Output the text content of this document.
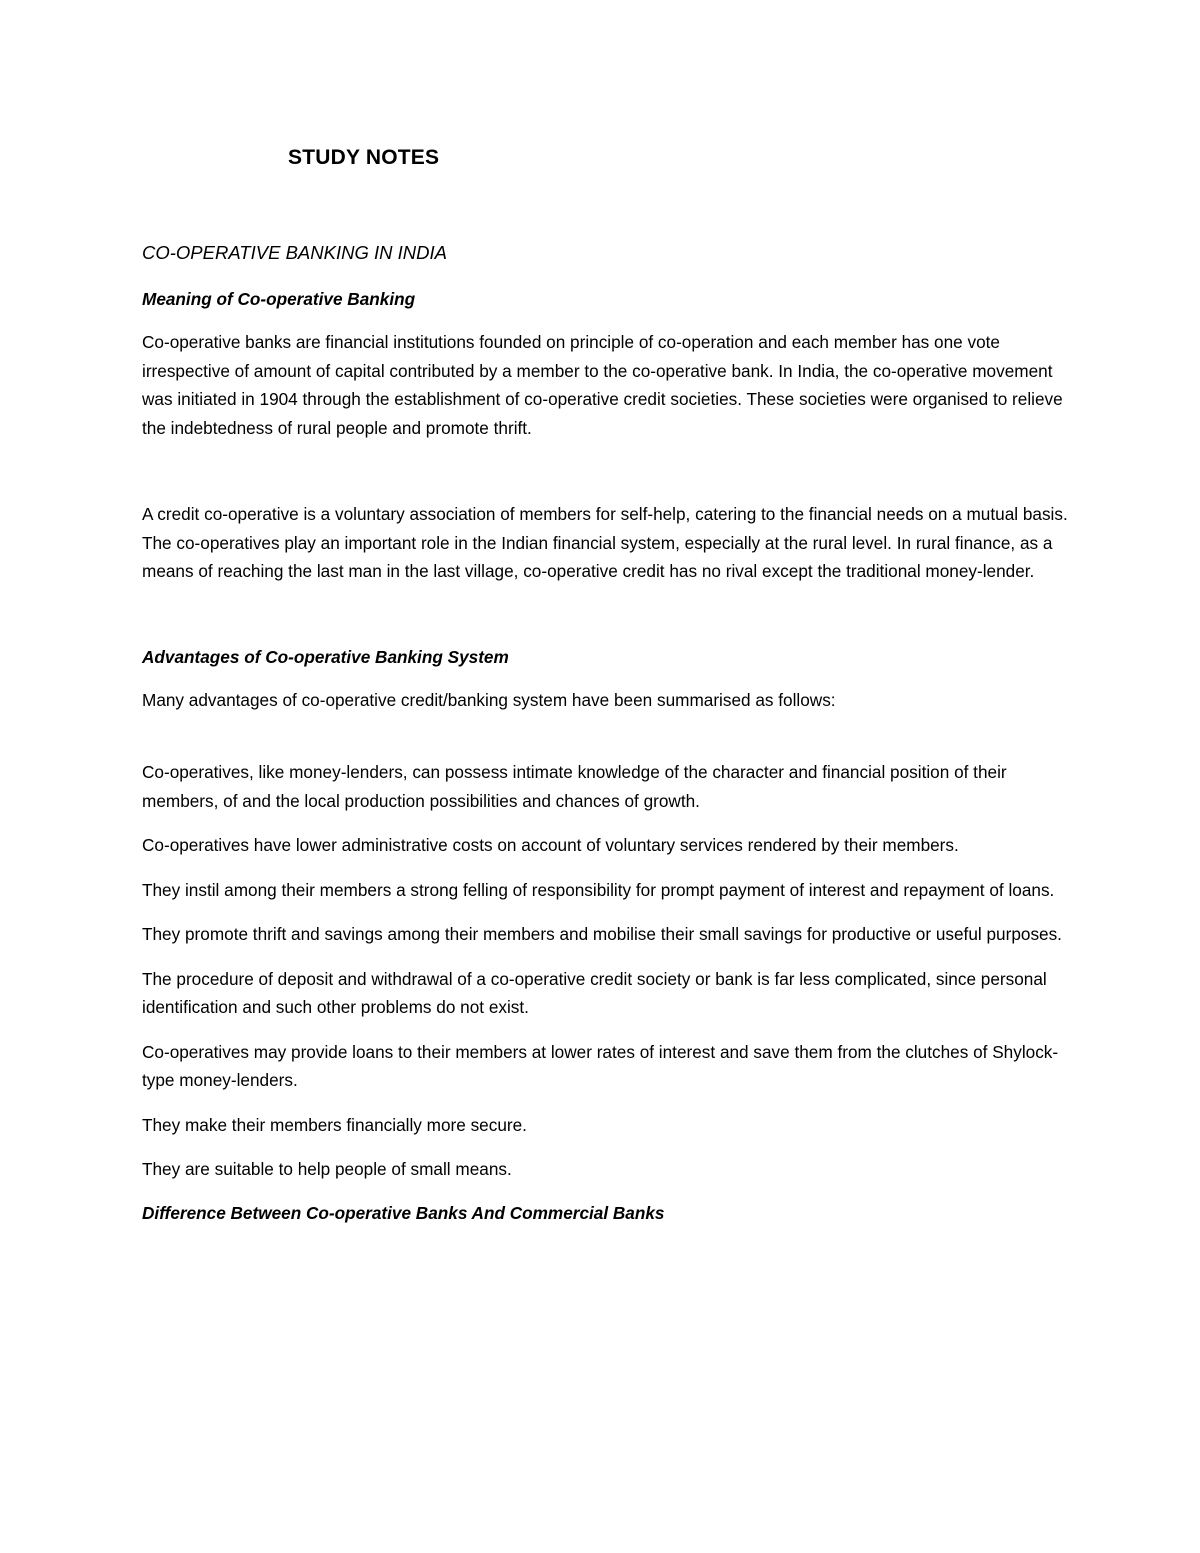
STUDY NOTES
CO-OPERATIVE BANKING IN INDIA
Meaning of Co-operative Banking

Co-operative banks are financial institutions founded on principle of co-operation and each member has one vote irrespective of amount of capital contributed by a member to the co-operative bank. In India, the co-operative movement was initiated in 1904 through the establishment of co-operative credit societies. These societies were organised to relieve the indebtedness of rural people and promote thrift.

A credit co-operative is a voluntary association of members for self-help, catering to the financial needs on a mutual basis. The co-operatives play an important role in the Indian financial system, especially at the rural level. In rural finance, as a means of reaching the last man in the last village, co-operative credit has no rival except the traditional money-lender.

Advantages of Co-operative Banking System

Many advantages of co-operative credit/banking system have been summarised as follows:

Co-operatives, like money-lenders, can possess intimate knowledge of the character and financial position of their members, of and the local production possibilities and chances of growth.

Co-operatives have lower administrative costs on account of voluntary services rendered by their members.

They instil among their members a strong felling of responsibility for prompt payment of interest and repayment of loans.

They promote thrift and savings among their members and mobilise their small savings for productive or useful purposes.

The procedure of deposit and withdrawal of a co-operative credit society or bank is far less complicated, since personal identification and such other problems do not exist.

Co-operatives may provide loans to their members at lower rates of interest and save them from the clutches of Shylock-type money-lenders.

They make their members financially more secure.

They are suitable to help people of small means.

Difference Between Co-operative Banks And Commercial Banks
